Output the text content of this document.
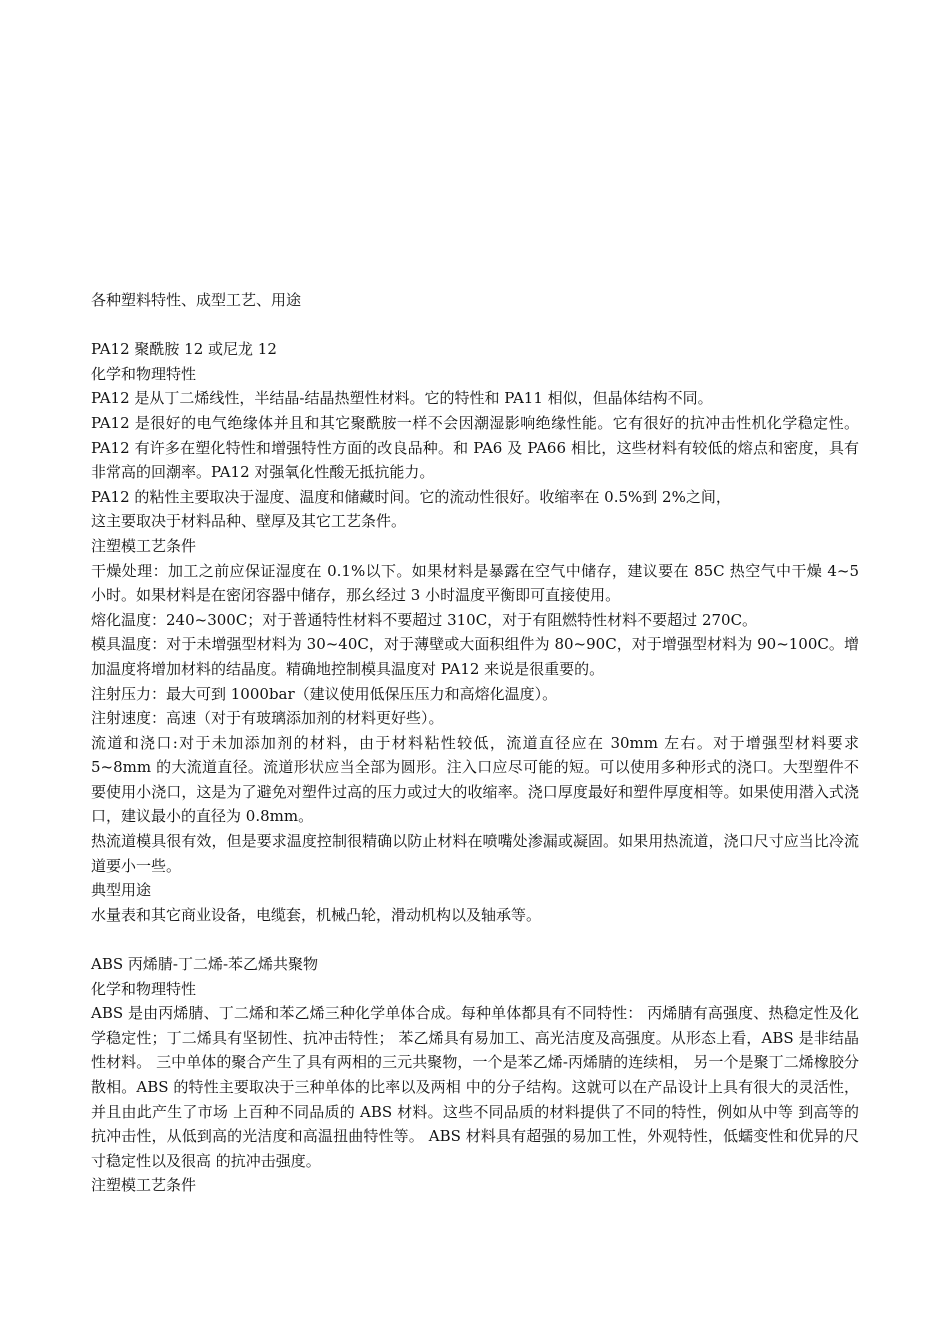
各种塑料特性、成型工艺、用途

PA12 聚酰胺 12 或尼龙 12

化学和物理特性

PA12 是从丁二烯线性，半结晶-结晶热塑性材料。它的特性和 PA11 相似，但晶体结构不同。

PA12 是很好的电气绝缘体并且和其它聚酰胺一样不会因潮湿影响绝缘性能。它有很好的抗冲击性机化学稳定性。PA12 有许多在塑化特性和增强特性方面的改良品种。和 PA6 及 PA66 相比，这些材料有较低的熔点和密度，具有非常高的回潮率。PA12 对强氧化性酸无抵抗能力。

PA12 的粘性主要取决于湿度、温度和储藏时间。它的流动性很好。收缩率在 0.5%到 2%之间，

这主要取决于材料品种、壁厚及其它工艺条件。

注塑模工艺条件

干燥处理：加工之前应保证湿度在 0.1%以下。如果材料是暴露在空气中储存，建议要在 85C 热空气中干燥 4~5 小时。如果材料是在密闭容器中储存，那幺经过 3 小时温度平衡即可直接使用。

熔化温度：240~300C；对于普通特性材料不要超过 310C，对于有阻燃特性材料不要超过 270C。

模具温度：对于未增强型材料为 30~40C，对于薄壁或大面积组件为 80~90C，对于增强型材料为 90~100C。增加温度将增加材料的结晶度。精确地控制模具温度对 PA12 来说是很重要的。

注射压力：最大可到 1000bar（建议使用低保压压力和高熔化温度）。

注射速度：高速（对于有玻璃添加剂的材料更好些）。

流道和浇口:对于未加添加剂的材料，由于材料粘性较低，流道直径应在 30mm 左右。对于增强型材料要求 5~8mm 的大流道直径。流道形状应当全部为圆形。注入口应尽可能的短。可以使用多种形式的浇口。大型塑件不要使用小浇口，这是为了避免对塑件过高的压力或过大的收缩率。浇口厚度最好和塑件厚度相等。如果使用潜入式浇口，建议最小的直径为 0.8mm。

热流道模具很有效，但是要求温度控制很精确以防止材料在喷嘴处渗漏或凝固。如果用热流道，浇口尺寸应当比冷流道要小一些。

典型用途

水量表和其它商业设备，电缆套，机械凸轮，滑动机构以及轴承等。

ABS 丙烯腈-丁二烯-苯乙烯共聚物

化学和物理特性

ABS 是由丙烯腈、丁二烯和苯乙烯三种化学单体合成。每种单体都具有不同特性： 丙烯腈有高强度、热稳定性及化学稳定性；丁二烯具有坚韧性、抗冲击特性； 苯乙烯具有易加工、高光洁度及高强度。从形态上看，ABS 是非结晶性材料。 三中单体的聚合产生了具有两相的三元共聚物，一个是苯乙烯-丙烯腈的连续相， 另一个是聚丁二烯橡胶分散相。ABS 的特性主要取决于三种单体的比率以及两相 中的分子结构。这就可以在产品设计上具有很大的灵活性，并且由此产生了市场 上百种不同品质的 ABS 材料。这些不同品质的材料提供了不同的特性，例如从中等 到高等的抗冲击性，从低到高的光洁度和高温扭曲特性等。 ABS 材料具有超强的易加工性，外观特性，低蠕变性和优异的尺寸稳定性以及很高 的抗冲击强度。

注塑模工艺条件
